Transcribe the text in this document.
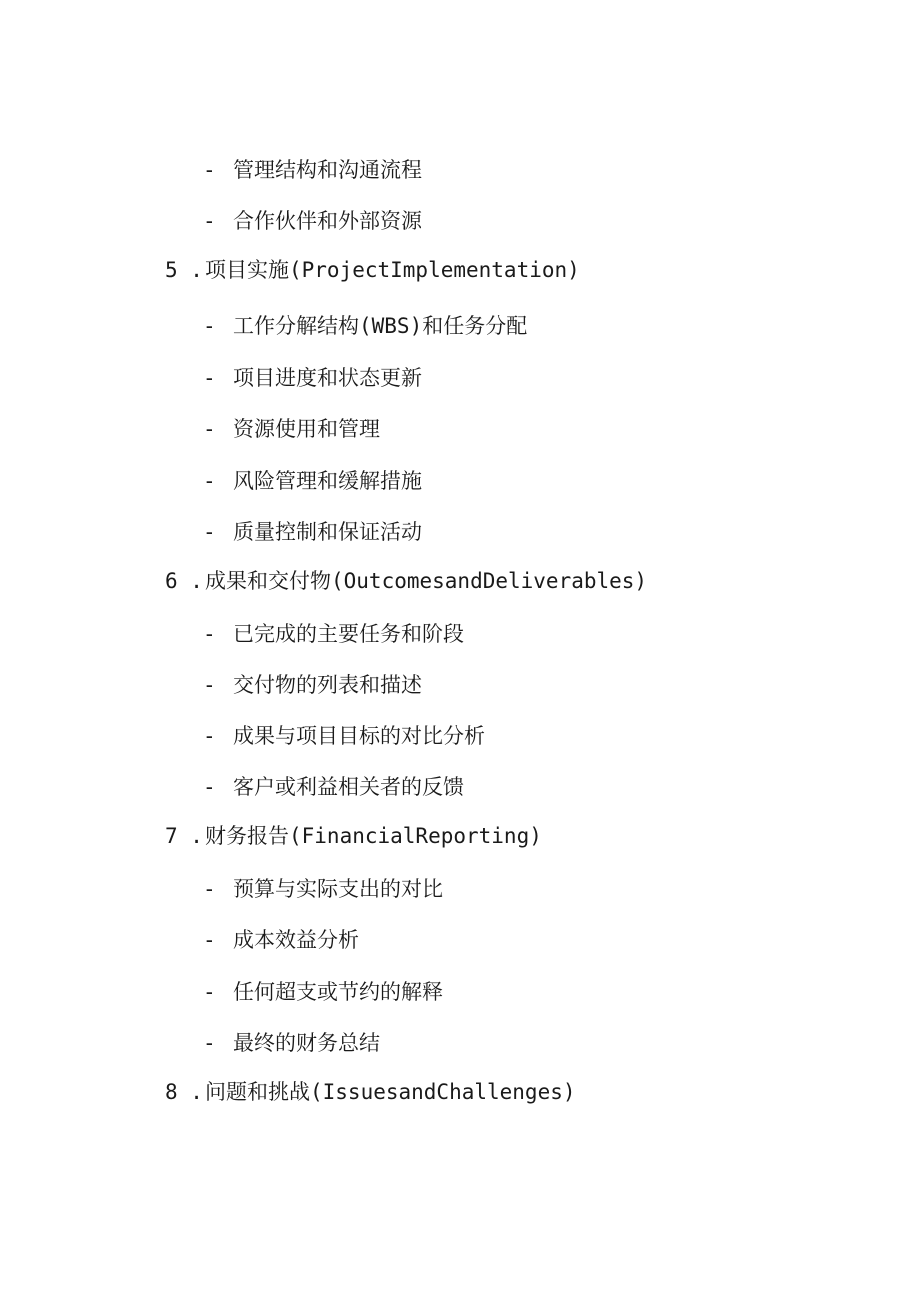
- 管理结构和沟通流程
- 合作伙伴和外部资源
5 .项目实施(ProjectImplementation)
- 工作分解结构(WBS)和任务分配
- 项目进度和状态更新
- 资源使用和管理
- 风险管理和缓解措施
- 质量控制和保证活动
6 .成果和交付物(OutcomesandDeliverables)
- 已完成的主要任务和阶段
- 交付物的列表和描述
- 成果与项目目标的对比分析
- 客户或利益相关者的反馈
7 .财务报告(FinancialReporting)
- 预算与实际支出的对比
- 成本效益分析
- 任何超支或节约的解释
- 最终的财务总结
8 .问题和挑战(IssuesandChallenges)
